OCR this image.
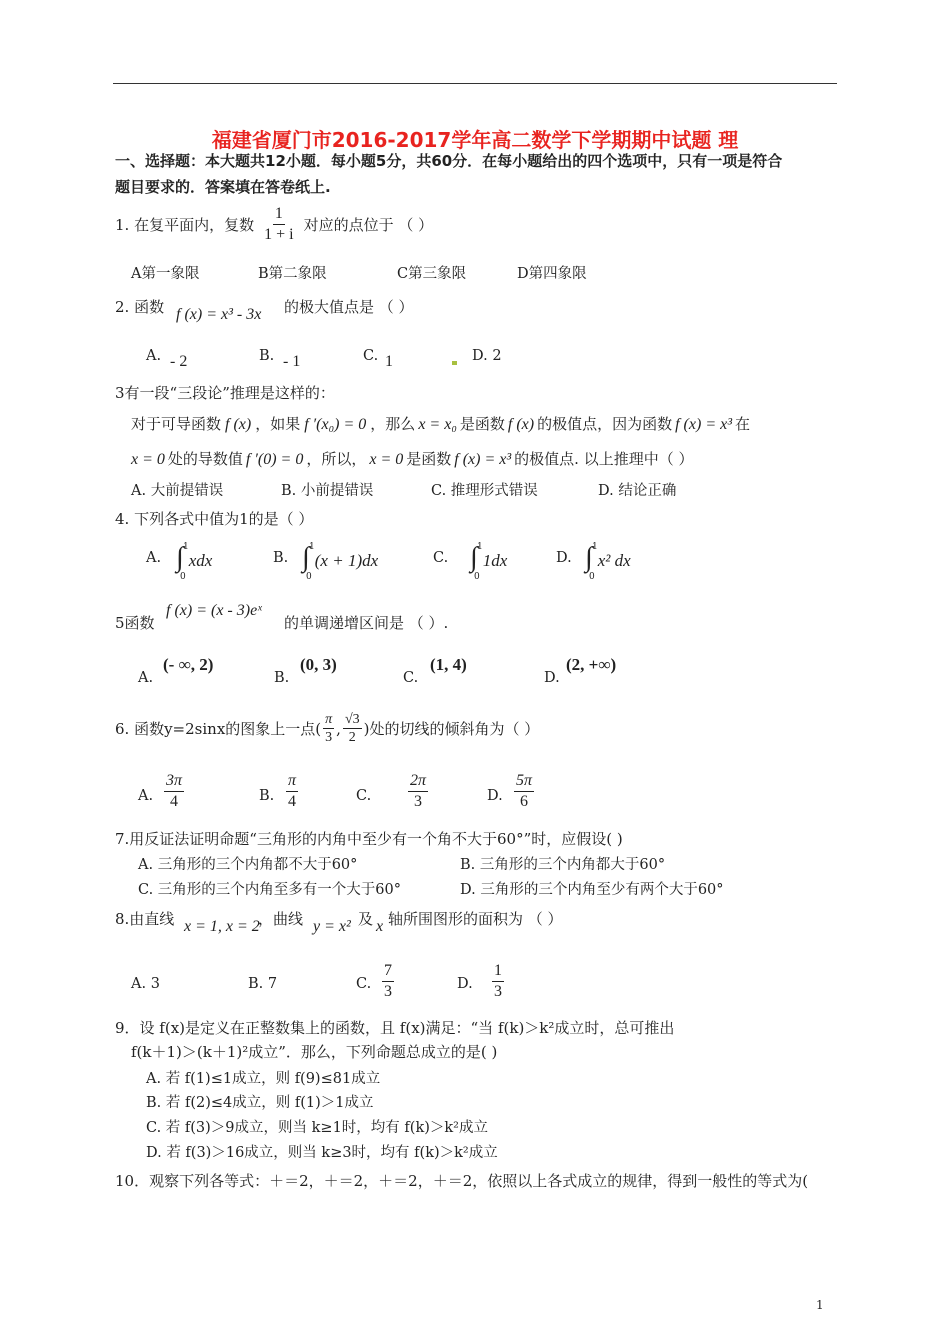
福建省厦门市2016-2017学年高二数学下学期期中试题 理
一、选择题：本大题共12小题．每小题5分，共60分．在每小题给出的四个选项中，只有一项是符合
题目要求的．答案填在答卷纸上.
1. 在复平面内，复数 $\frac{1}{1 + i}$ 对应的点位于 （ ）
A第一象限	B第二象限	C第三象限	D第四象限
2. 函数 f (x) = x³ - 3x 的极大值点是 （ ）
A. - 2	B. - 1	C. 1	D. 2
3有一段“三段论”推理是这样的：
对于可导函数 f (x) ，如果 f ′(x₀) = 0 ，那么 x = x₀ 是函数 f (x) 的极值点，因为函数 f (x) = x³ 在
x = 0 处的导数值 f ′(0) = 0 ，所以， x = 0 是函数 f (x) = x³ 的极值点. 以上推理中（ ）
A. 大前提错误	B. 小前提错误	C. 推理形式错误	D. 结论正确
4. 下列各式中值为1的是（ ）
A. ∫ 1
0
xdx	B. ∫ 1
0
(x + 1)dx	C. ∫ 1
0
1dx	D. ∫ 1
0
x² dx
5函数
f (x) = (x - 3)eˣ
的单调递增区间是 （ ）.
A.
(- ∞, 2)
B.
(0, 3)
C.
(1, 4)
D.
(2, +∞)
6. 函数y=2sinx的图象上一点( $\frac{\pi}{3}$ , $\frac{√3}{2}$ )处的切线的倾斜角为（ ）
A. $\frac{3\pi}{4}$	B. $\frac{\pi}{4}$	C. $\frac{2\pi}{3}$	D. $\frac{5\pi}{6}$
7.用反证法证明命题“三角形的内角中至少有一个角不大于60°”时，应假设( )
A. 三角形的三个内角都不大于60°	B. 三角形的三个内角都大于60°
C. 三角形的三个内角至多有一个大于60°	D. 三角形的三个内角至少有两个大于60°
8.由直线 x = 1, x = 2
，曲线 y = x² 及 x 轴所围图形的面积为 （ ）
A. 3	B. 7	C. $\frac{7}{3}$	D. $\frac{1}{3}$
9．设 f(x)是定义在正整数集上的函数，且 f(x)满足：“当 f(k)＞k²成立时，总可推出
f(k＋1)＞(k＋1)²成立”．那么，下列命题总成立的是( )
A. 若 f(1)≤1成立，则 f(9)≤81成立
B. 若 f(2)≤4成立，则 f(1)＞1成立
C. 若 f(3)＞9成立，则当 k≥1时，均有 f(k)＞k²成立
D. 若 f(3)＞16成立，则当 k≥3时，均有 f(k)＞k²成立
10．观察下列各等式：＋＝2，＋＝2，＋＝2，＋＝2，依照以上各式成立的规律，得到一般性的等式为(
1
